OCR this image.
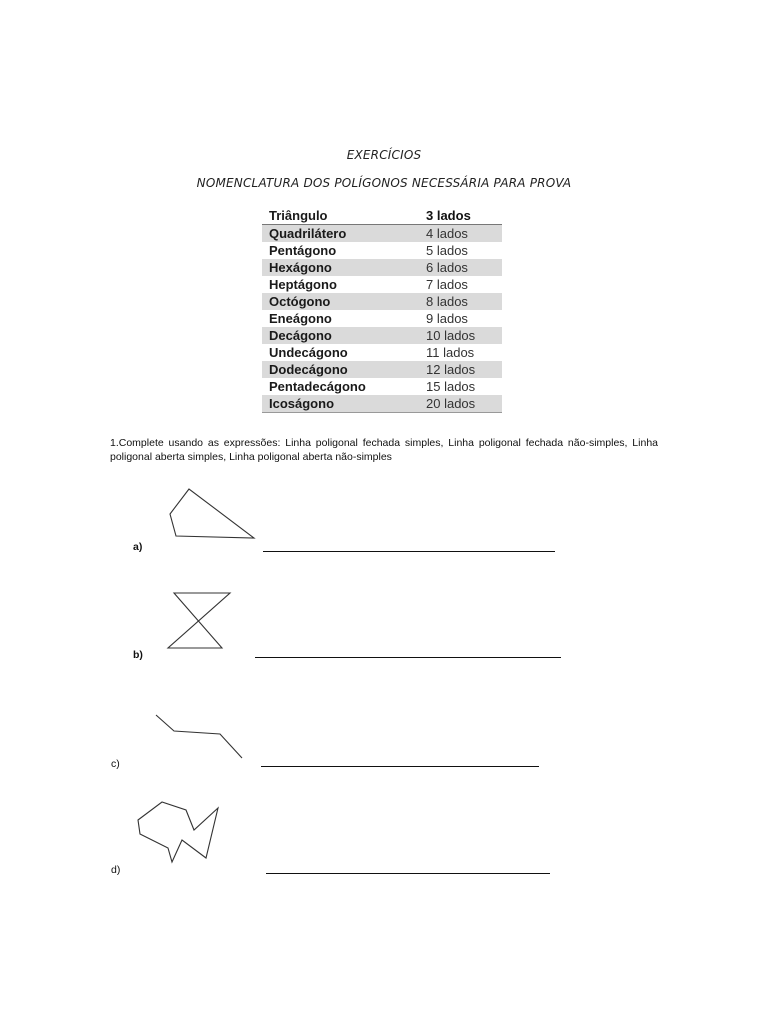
EXERCÍCIOS
NOMENCLATURA DOS POLÍGONOS NECESSÁRIA PARA PROVA
Triângulo	3 lados
Quadrilátero	4 lados
Pentágono	5 lados
Hexágono	6 lados
Heptágono	7 lados
Octógono	8 lados
Eneágono	9 lados
Decágono	10 lados
Undecágono	11 lados
Dodecágono	12 lados
Pentadecágono	15 lados
Icoságono	20 lados
1.Complete usando as expressões: Linha poligonal fechada simples, Linha poligonal fechada não-simples, Linha poligonal aberta simples, Linha poligonal aberta não-simples
a)
b)
c)
d)
